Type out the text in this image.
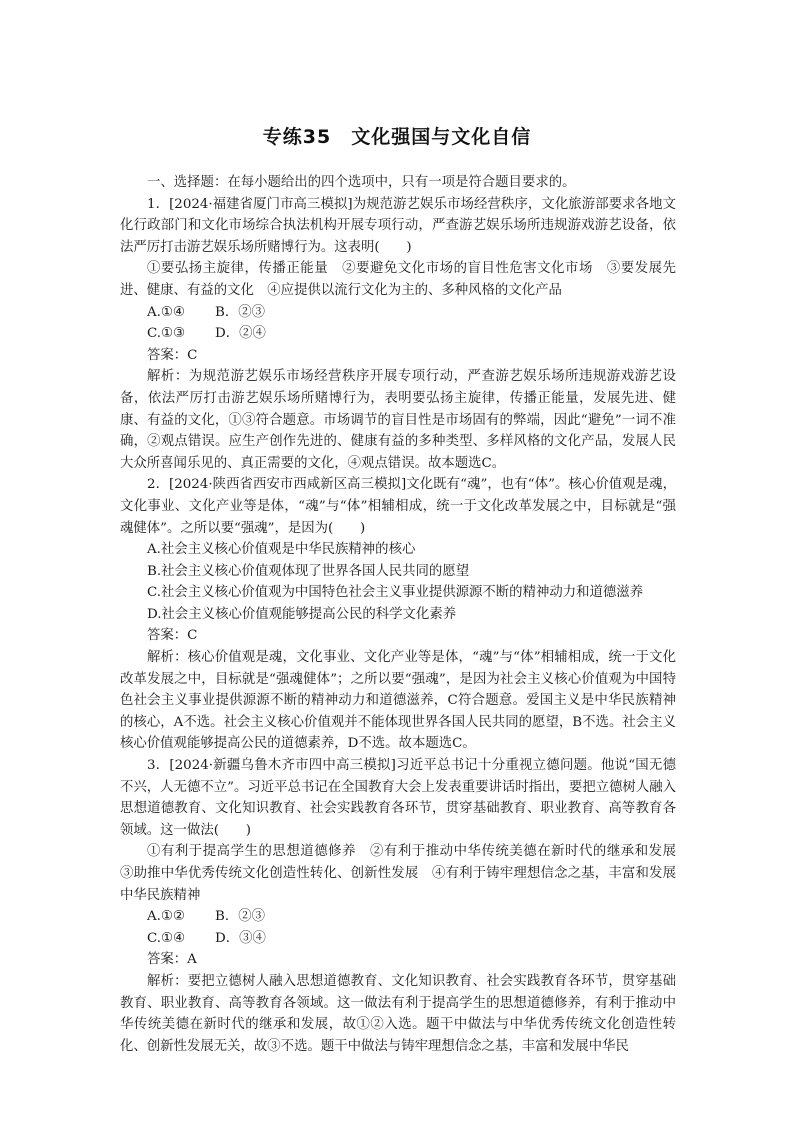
专练35　文化强国与文化自信

一、选择题：在每小题给出的四个选项中，只有一项是符合题目要求的。

1．[2024·福建省厦门市高三模拟]为规范游艺娱乐市场经营秩序，文化旅游部要求各地文化行政部门和文化市场综合执法机构开展专项行动，严查游艺娱乐场所违规游戏游艺设备，依法严厉打击游艺娱乐场所赌博行为。这表明(　　)

①要弘扬主旋律，传播正能量　②要避免文化市场的盲目性危害文化市场　③要发展先进、健康、有益的文化　④应提供以流行文化为主的、多种风格的文化产品

A.①④ B．②③
C.①③ D．②④

答案：C

解析：为规范游艺娱乐市场经营秩序开展专项行动，严查游艺娱乐场所违规游戏游艺设备，依法严厉打击游艺娱乐场所赌博行为，表明要弘扬主旋律，传播正能量，发展先进、健康、有益的文化，①③符合题意。市场调节的盲目性是市场固有的弊端，因此“避免”一词不准确，②观点错误。应生产创作先进的、健康有益的多种类型、多样风格的文化产品，发展人民大众所喜闻乐见的、真正需要的文化，④观点错误。故本题选C。

2．[2024·陕西省西安市西咸新区高三模拟]文化既有“魂”，也有“体”。核心价值观是魂，文化事业、文化产业等是体，“魂”与“体”相辅相成，统一于文化改革发展之中，目标就是“强魂健体”。之所以要“强魂”，是因为(　　)

A.社会主义核心价值观是中华民族精神的核心

B.社会主义核心价值观体现了世界各国人民共同的愿望

C.社会主义核心价值观为中国特色社会主义事业提供源源不断的精神动力和道德滋养

D.社会主义核心价值观能够提高公民的科学文化素养

答案：C

解析：核心价值观是魂，文化事业、文化产业等是体，“魂”与“体”相辅相成，统一于文化改革发展之中，目标就是“强魂健体”；之所以要“强魂”，是因为社会主义核心价值观为中国特色社会主义事业提供源源不断的精神动力和道德滋养，C符合题意。爱国主义是中华民族精神的核心，A不选。社会主义核心价值观并不能体现世界各国人民共同的愿望，B不选。社会主义核心价值观能够提高公民的道德素养，D不选。故本题选C。

3．[2024·新疆乌鲁木齐市四中高三模拟]习近平总书记十分重视立德问题。他说“国无德不兴，人无德不立”。习近平总书记在全国教育大会上发表重要讲话时指出，要把立德树人融入思想道德教育、文化知识教育、社会实践教育各环节，贯穿基础教育、职业教育、高等教育各领域。这一做法(　　)

①有利于提高学生的思想道德修养　②有利于推动中华传统美德在新时代的继承和发展　③助推中华优秀传统文化创造性转化、创新性发展　④有利于铸牢理想信念之基，丰富和发展中华民族精神

A.①② B．②③
C.①④ D．③④

答案：A

解析：要把立德树人融入思想道德教育、文化知识教育、社会实践教育各环节，贯穿基础教育、职业教育、高等教育各领域。这一做法有利于提高学生的思想道德修养，有利于推动中华传统美德在新时代的继承和发展，故①②入选。题干中做法与中华优秀传统文化创造性转化、创新性发展无关，故③不选。题干中做法与铸牢理想信念之基，丰富和发展中华民
